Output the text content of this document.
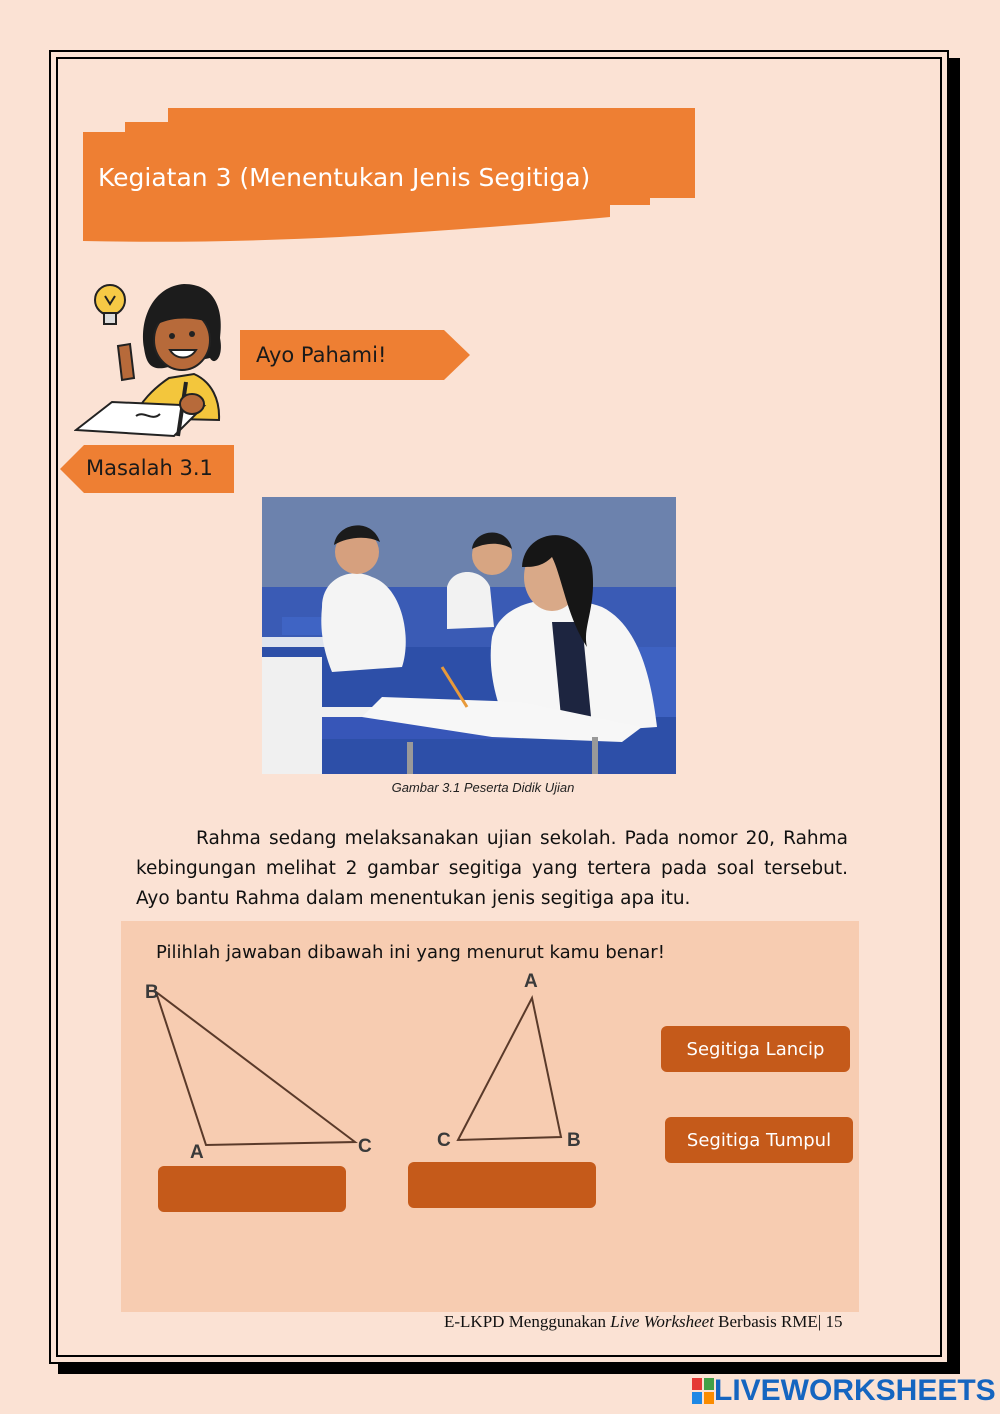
Kegiatan 3 (Menentukan Jenis Segitiga)
Ayo Pahami!
Masalah 3.1
Gambar 3.1 Peserta Didik Ujian
Rahma sedang melaksanakan ujian sekolah. Pada nomor 20, Rahma kebingungan melihat 2 gambar segitiga yang tertera pada soal tersebut. Ayo bantu Rahma dalam menentukan jenis segitiga apa itu.
Pilihlah jawaban dibawah ini yang menurut kamu benar!
B
A	C
A
C	B
Segitiga Lancip
Segitiga Tumpul
E-LKPD Menggunakan Live Worksheet Berbasis RME| 15
LIVEWORKSHEETS
